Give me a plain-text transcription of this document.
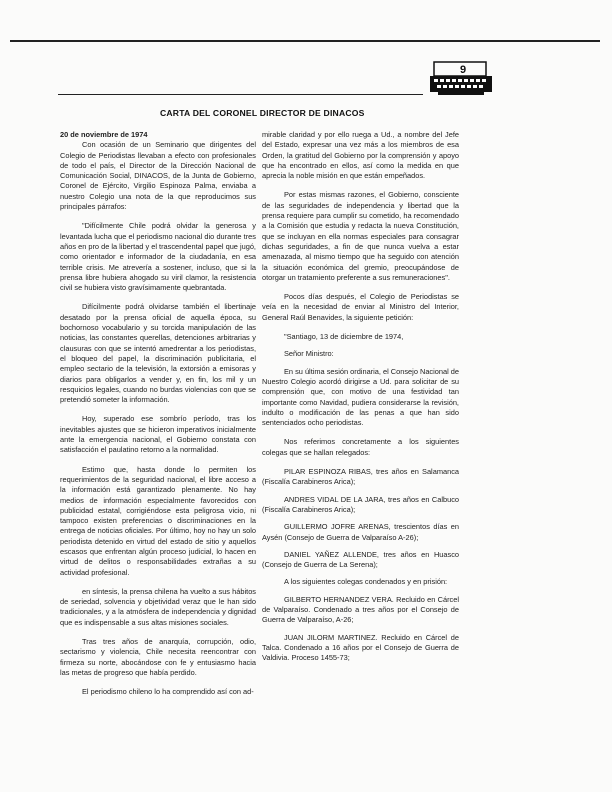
9
CARTA DEL CORONEL DIRECTOR DE DINACOS

20 de noviembre de 1974

Con ocasión de un Seminario que dirigentes del Colegio de Periodistas llevaban a efecto con profesionales de todo el país, el Director de la Dirección Nacional de Comunicación Social, DINACOS, de la Junta de Gobierno, Coronel de Ejército, Virgilio Espinoza Palma, enviaba a nuestro Colegio una nota de la que reproducimos sus principales párrafos:

"Difícilmente Chile podrá olvidar la generosa y levantada lucha que el periodismo nacional dio durante tres años en pro de la libertad y el trascendental papel que jugó, como orientador e informador de la ciudadanía, en esa terrible crisis. Me atrevería a sostener, incluso, que si la prensa libre hubiera ahogado su viril clamor, la resistencia civil se hubiera visto gravísimamente quebrantada.

Difícilmente podrá olvidarse también el libertinaje desatado por la prensa oficial de aquella época, su bochornoso vocabulario y su torcida manipulación de las noticias, las constantes querellas, detenciones arbitrarias y clausuras con que se intentó amedrentar a los periodistas, el bloqueo del papel, la discriminación publicitaria, el empleo sectario de la televisión, la extorsión a emisoras y diarios para obligarlos a vender y, en fin, los mil y un resquicios legales, cuando no burdas violencias con que se pretendió someter la información.

Hoy, superado ese sombrío período, tras los inevitables ajustes que se hicieron imperativos inicialmente ante la emergencia nacional, el Gobierno constata con satisfacción el paulatino retorno a la normalidad.

Estimo que, hasta donde lo permiten los requerimientos de la seguridad nacional, el libre acceso a la información está garantizado plenamente. No hay medios de información especialmente favorecidos con publicidad estatal, corrigiéndose esta peligrosa vicio, ni tampoco existen preferencias o discriminaciones en la entrega de noticias oficiales. Por último, hoy no hay un solo periodista detenido en virtud del estado de sitio y aquellos escasos que enfrentan algún proceso judicial, lo hacen en virtud de delitos o responsabilidades extrañas a su actividad profesional.

en síntesis, la prensa chilena ha vuelto a sus hábitos de seriedad, solvencia y objetividad veraz que le han sido tradicionales, y a la atmósfera de independencia y dignidad que es indispensable a sus altas misiones sociales.

Tras tres años de anarquía, corrupción, odio, sectarismo y violencia, Chile necesita reencontrar con firmeza su norte, abocándose con fe y entusiasmo hacia las metas de progreso que había perdido.

El periodismo chileno lo ha comprendido así con ad-

mirable claridad y por ello ruega a Ud., a nombre del Jefe del Estado, expresar una vez más a los miembros de esa Orden, la gratitud del Gobierno por la comprensión y apoyo que ha encontrado en ellos, así como la medida en que aprecia la noble misión en que están empeñados.

Por estas mismas razones, el Gobierno, consciente de las seguridades de independencia y libertad que la prensa requiere para cumplir su cometido, ha recomendado a la Comisión que estudia y redacta la nueva Constitución, que se incluyan en ella normas especiales para consagrar dichas seguridades, a fin de que nunca vuelva a estar amenazada, al mismo tiempo que ha seguido con atención la situación económica del gremio, preocupándose de otorgar un tratamiento preferente a sus remuneraciones".

Pocos días después, el Colegio de Periodistas se veía en la necesidad de enviar al Ministro del Interior, General Raúl Benavides, la siguiente petición:

"Santiago, 13 de diciembre de 1974,

Señor Ministro:

En su última sesión ordinaria, el Consejo Nacional de Nuestro Colegio acordó dirigirse a Ud. para solicitar de su comprensión que, con motivo de una festividad tan importante como Navidad, pudiera considerarse la revisión, indulto o modificación de las penas a que han sido sentenciados ocho periodistas.

Nos referimos concretamente a los siguientes colegas que se hallan relegados:

PILAR ESPINOZA RIBAS, tres años en Salamanca (Fiscalía Carabineros Arica);

ANDRES VIDAL DE LA JARA, tres años en Calbuco (Fiscalía Carabineros Arica);

GUILLERMO JOFRE ARENAS, trescientos días en Aysén (Consejo de Guerra de Valparaíso A-26);

DANIEL YAÑEZ ALLENDE, tres años en Huasco (Consejo de Guerra de La Serena);

A los siguientes colegas condenados y en prisión:

GILBERTO HERNANDEZ VERA. Recluido en Cárcel de Valparaíso. Condenado a tres años por el Consejo de Guerra de Valparaíso, A-26;

JUAN JILORM MARTINEZ. Recluido en Cárcel de Talca. Condenado a 16 años por el Consejo de Guerra de Valdivia. Proceso 1455-73;
